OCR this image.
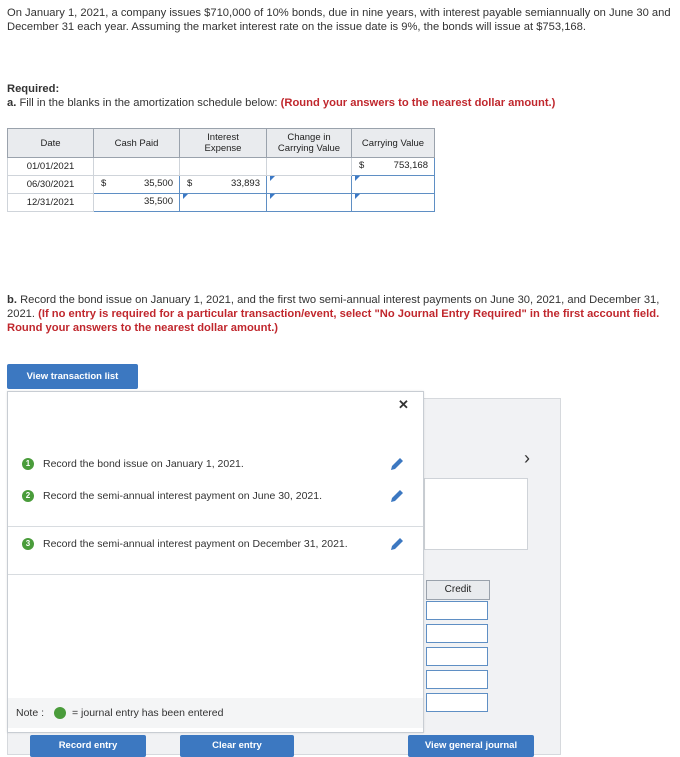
On January 1, 2021, a company issues $710,000 of 10% bonds, due in nine years, with interest payable semiannually on June 30 and December 31 each year. Assuming the market interest rate on the issue date is 9%, the bonds will issue at $753,168.
Required:
a. Fill in the blanks in the amortization schedule below: (Round your answers to the nearest dollar amount.)
Date	Cash Paid	Interest Expense	Change in Carrying Value	Carrying Value
01/01/2021				$ 753,168

06/30/2021	$ 35,500	$ 33,893		

12/31/2021	35,500			

b. Record the bond issue on January 1, 2021, and the first two semi-annual interest payments on June 30, 2021, and December 31, 2021. (If no entry is required for a particular transaction/event, select "No Journal Entry Required" in the first account field. Round your answers to the nearest dollar amount.)
View transaction list
›
Credit
Record entry	Clear entry	View general journal
✕
1	Record the bond issue on January 1, 2021.
2	Record the semi-annual interest payment on June 30, 2021.
3	Record the semi-annual interest payment on December 31, 2021.
Note :	= journal entry has been entered
